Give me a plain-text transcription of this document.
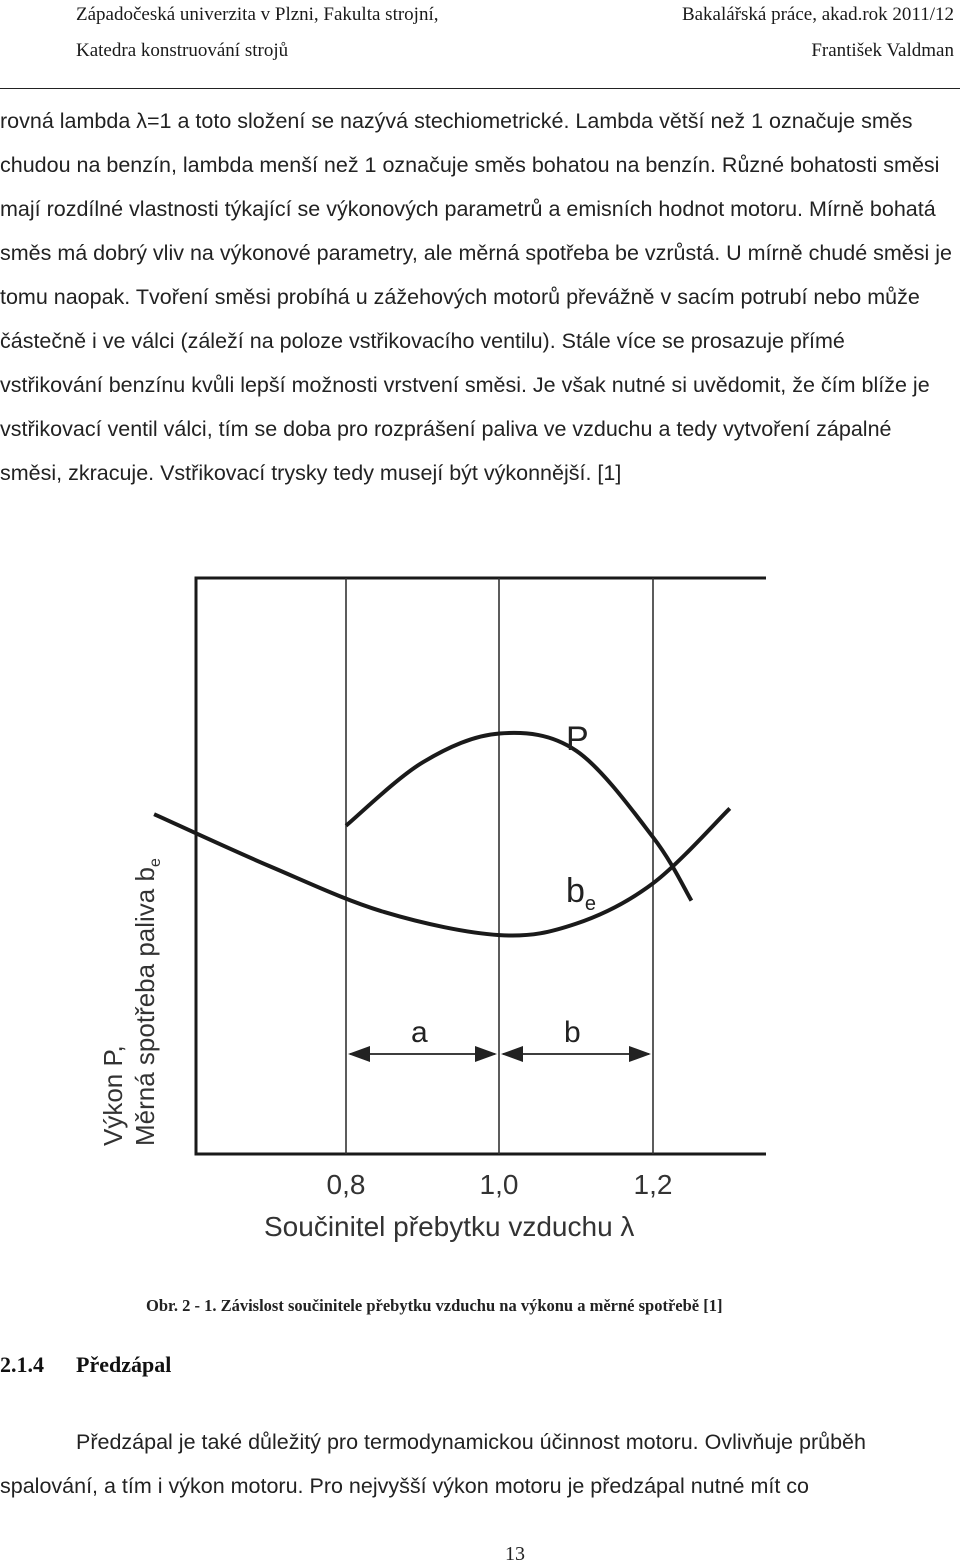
Západočeská univerzita v Plzni, Fakulta strojní,	Bakalářská práce, akad.rok 2011/12
Katedra konstruování strojů	František Valdman

rovná lambda λ=1 a toto složení se nazývá stechiometrické. Lambda větší než 1 označuje směs chudou na benzín, lambda menší než 1 označuje směs bohatou na benzín. Různé bohatosti směsi mají rozdílné vlastnosti týkající se výkonových parametrů a emisních hodnot motoru. Mírně bohatá směs má dobrý vliv na výkonové parametry, ale měrná spotřeba be vzrůstá. U mírně chudé směsi je tomu naopak. Tvoření směsi probíhá u zážehových motorů převážně v sacím potrubí nebo může částečně i ve válci (záleží na poloze vstřikovacího ventilu). Stále více se prosazuje přímé vstřikování benzínu kvůli lepší možnosti vrstvení směsi. Je však nutné si uvědomit, že čím blíže je vstřikovací ventil válci, tím se doba pro rozprášení paliva ve vzduchu a tedy vytvoření zápalné směsi, zkracuje. Vstřikovací trysky tedy musejí být výkonnější. [1]

P
$b_e$
a	b
Výkon P, Měrná spotřeba paliva $b_e$
0,8	1,0	1,2
Součinitel přebytku vzduchu λ
Obr. 2 - 1. Závislost součinitele přebytku vzduchu na výkonu a měrné spotřebě [1]
2.1.4 Předzápal

Předzápal je také důležitý pro termodynamickou účinnost motoru. Ovlivňuje průběh spalování, a tím i výkon motoru. Pro nejvyšší výkon motoru je předzápal nutné mít co

13
